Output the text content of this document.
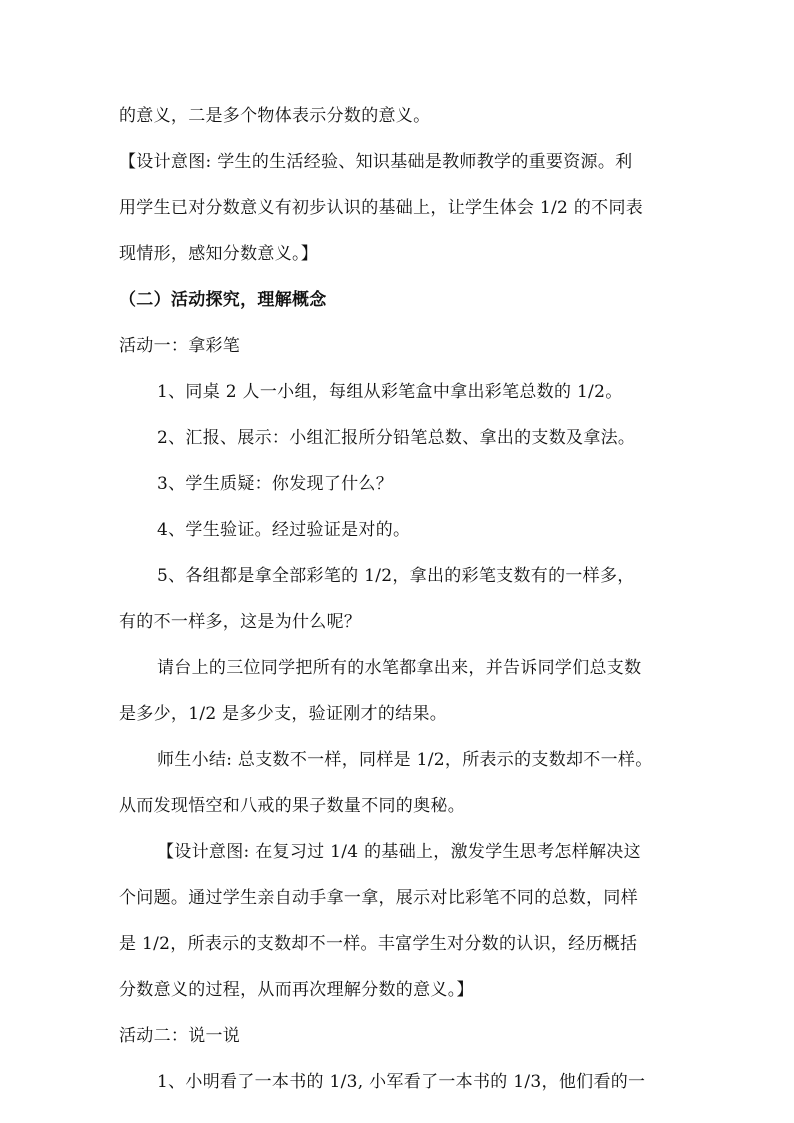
的意义，二是多个物体表示分数的意义。
【设计意图: 学生的生活经验、知识基础是教师教学的重要资源。利
用学生已对分数意义有初步认识的基础上，让学生体会 1/2 的不同表
现情形，感知分数意义。】
（二）活动探究，理解概念
活动一：拿彩笔
1、同桌 2 人一小组，每组从彩笔盒中拿出彩笔总数的 1/2。
2、汇报、展示：小组汇报所分铅笔总数、拿出的支数及拿法。
3、学生质疑：你发现了什么？
4、学生验证。经过验证是对的。
5、各组都是拿全部彩笔的 1/2，拿出的彩笔支数有的一样多，
有的不一样多，这是为什么呢？
请台上的三位同学把所有的水笔都拿出来，并告诉同学们总支数
是多少，1/2 是多少支，验证刚才的结果。
师生小结: 总支数不一样，同样是 1/2，所表示的支数却不一样。
从而发现悟空和八戒的果子数量不同的奥秘。
【设计意图: 在复习过 1/4 的基础上，激发学生思考怎样解决这
个问题。通过学生亲自动手拿一拿，展示对比彩笔不同的总数，同样
是 1/2，所表示的支数却不一样。丰富学生对分数的认识，经历概括
分数意义的过程，从而再次理解分数的意义。】
活动二：说一说
1、小明看了一本书的 1/3, 小军看了一本书的 1/3，他们看的一
